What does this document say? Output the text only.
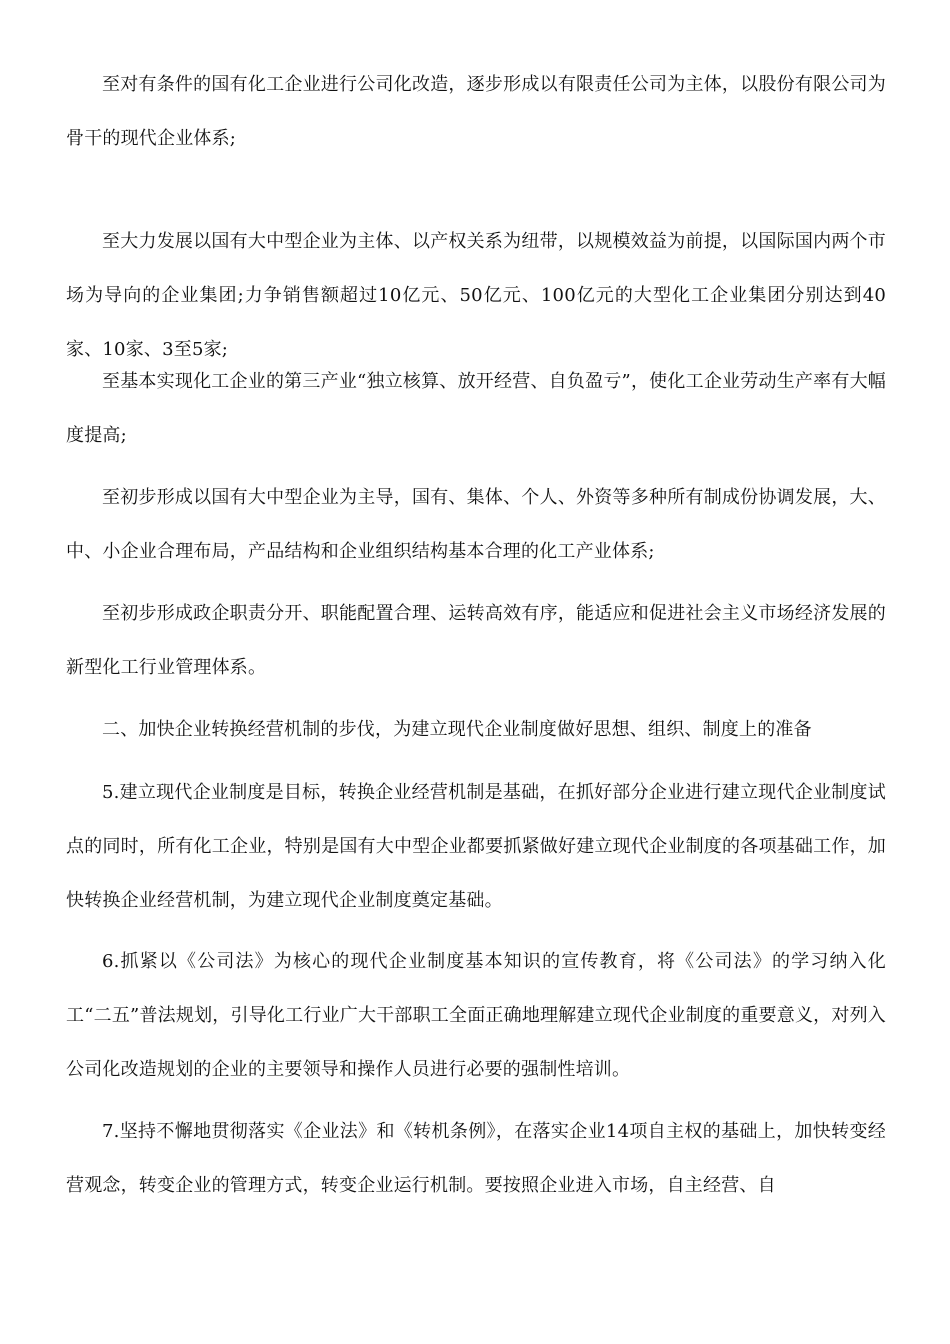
至对有条件的国有化工企业进行公司化改造，逐步形成以有限责任公司为主体，以股份有限公司为骨干的现代企业体系;

至大力发展以国有大中型企业为主体、以产权关系为纽带，以规模效益为前提，以国际国内两个市场为导向的企业集团;力争销售额超过10亿元、50亿元、100亿元的大型化工企业集团分别达到40家、10家、3至5家;

至基本实现化工企业的第三产业“独立核算、放开经营、自负盈亏”，使化工企业劳动生产率有大幅度提高;

至初步形成以国有大中型企业为主导，国有、集体、个人、外资等多种所有制成份协调发展，大、中、小企业合理布局，产品结构和企业组织结构基本合理的化工产业体系;

至初步形成政企职责分开、职能配置合理、运转高效有序，能适应和促进社会主义市场经济发展的新型化工行业管理体系。

二、加快企业转换经营机制的步伐，为建立现代企业制度做好思想、组织、制度上的准备

5.建立现代企业制度是目标，转换企业经营机制是基础，在抓好部分企业进行建立现代企业制度试点的同时，所有化工企业，特别是国有大中型企业都要抓紧做好建立现代企业制度的各项基础工作，加快转换企业经营机制，为建立现代企业制度奠定基础。

6.抓紧以《公司法》为核心的现代企业制度基本知识的宣传教育，将《公司法》的学习纳入化工“二五”普法规划，引导化工行业广大干部职工全面正确地理解建立现代企业制度的重要意义，对列入公司化改造规划的企业的主要领导和操作人员进行必要的强制性培训。

7.坚持不懈地贯彻落实《企业法》和《转机条例》，在落实企业14项自主权的基础上，加快转变经营观念，转变企业的管理方式，转变企业运行机制。要按照企业进入市场，自主经营、自
